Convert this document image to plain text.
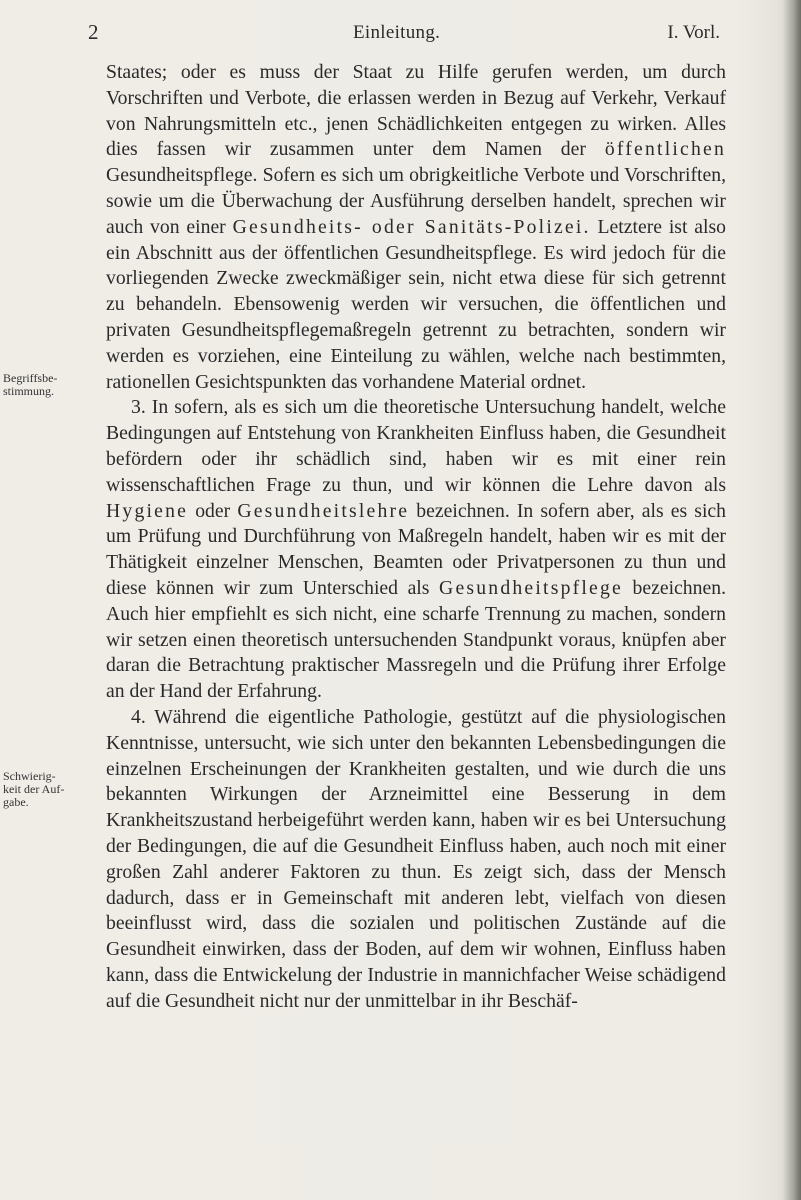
2	Einleitung.	I. Vorl.
Begriffsbe-
stimmung.
Schwierig-
keit der Auf-
gabe.

Staates; oder es muss der Staat zu Hilfe gerufen werden, um durch Vorschriften und Verbote, die erlassen werden in Bezug auf Verkehr, Verkauf von Nahrungsmitteln etc., jenen Schädlichkeiten entgegen zu wirken. Alles dies fassen wir zusammen unter dem Namen der öffentlichen Gesundheitspflege. Sofern es sich um obrigkeitliche Verbote und Vorschriften, sowie um die Überwachung der Ausführung derselben handelt, sprechen wir auch von einer Gesundheits- oder Sanitäts-Polizei. Letztere ist also ein Abschnitt aus der öffentlichen Gesundheitspflege. Es wird jedoch für die vorliegenden Zwecke zweckmäßiger sein, nicht etwa diese für sich getrennt zu behandeln. Ebensowenig werden wir versuchen, die öffentlichen und privaten Gesundheitspflegemaßregeln getrennt zu betrachten, sondern wir werden es vorziehen, eine Einteilung zu wählen, welche nach bestimmten, rationellen Gesichtspunkten das vorhandene Material ordnet.

3. In sofern, als es sich um die theoretische Untersuchung handelt, welche Bedingungen auf Entstehung von Krankheiten Einfluss haben, die Gesundheit befördern oder ihr schädlich sind, haben wir es mit einer rein wissenschaftlichen Frage zu thun, und wir können die Lehre davon als Hygiene oder Gesundheitslehre bezeichnen. In sofern aber, als es sich um Prüfung und Durchführung von Maßregeln handelt, haben wir es mit der Thätigkeit einzelner Menschen, Beamten oder Privatpersonen zu thun und diese können wir zum Unterschied als Gesundheitspflege bezeichnen. Auch hier empfiehlt es sich nicht, eine scharfe Trennung zu machen, sondern wir setzen einen theoretisch untersuchenden Standpunkt voraus, knüpfen aber daran die Betrachtung praktischer Massregeln und die Prüfung ihrer Erfolge an der Hand der Erfahrung.

4. Während die eigentliche Pathologie, gestützt auf die physiologischen Kenntnisse, untersucht, wie sich unter den bekannten Lebensbedingungen die einzelnen Erscheinungen der Krankheiten gestalten, und wie durch die uns bekannten Wirkungen der Arzneimittel eine Besserung in dem Krankheitszustand herbeigeführt werden kann, haben wir es bei Untersuchung der Bedingungen, die auf die Gesundheit Einfluss haben, auch noch mit einer großen Zahl anderer Faktoren zu thun. Es zeigt sich, dass der Mensch dadurch, dass er in Gemeinschaft mit anderen lebt, vielfach von diesen beeinflusst wird, dass die sozialen und politischen Zustände auf die Gesundheit einwirken, dass der Boden, auf dem wir wohnen, Einfluss haben kann, dass die Entwickelung der Industrie in mannichfacher Weise schädigend auf die Gesundheit nicht nur der unmittelbar in ihr Beschäf-
